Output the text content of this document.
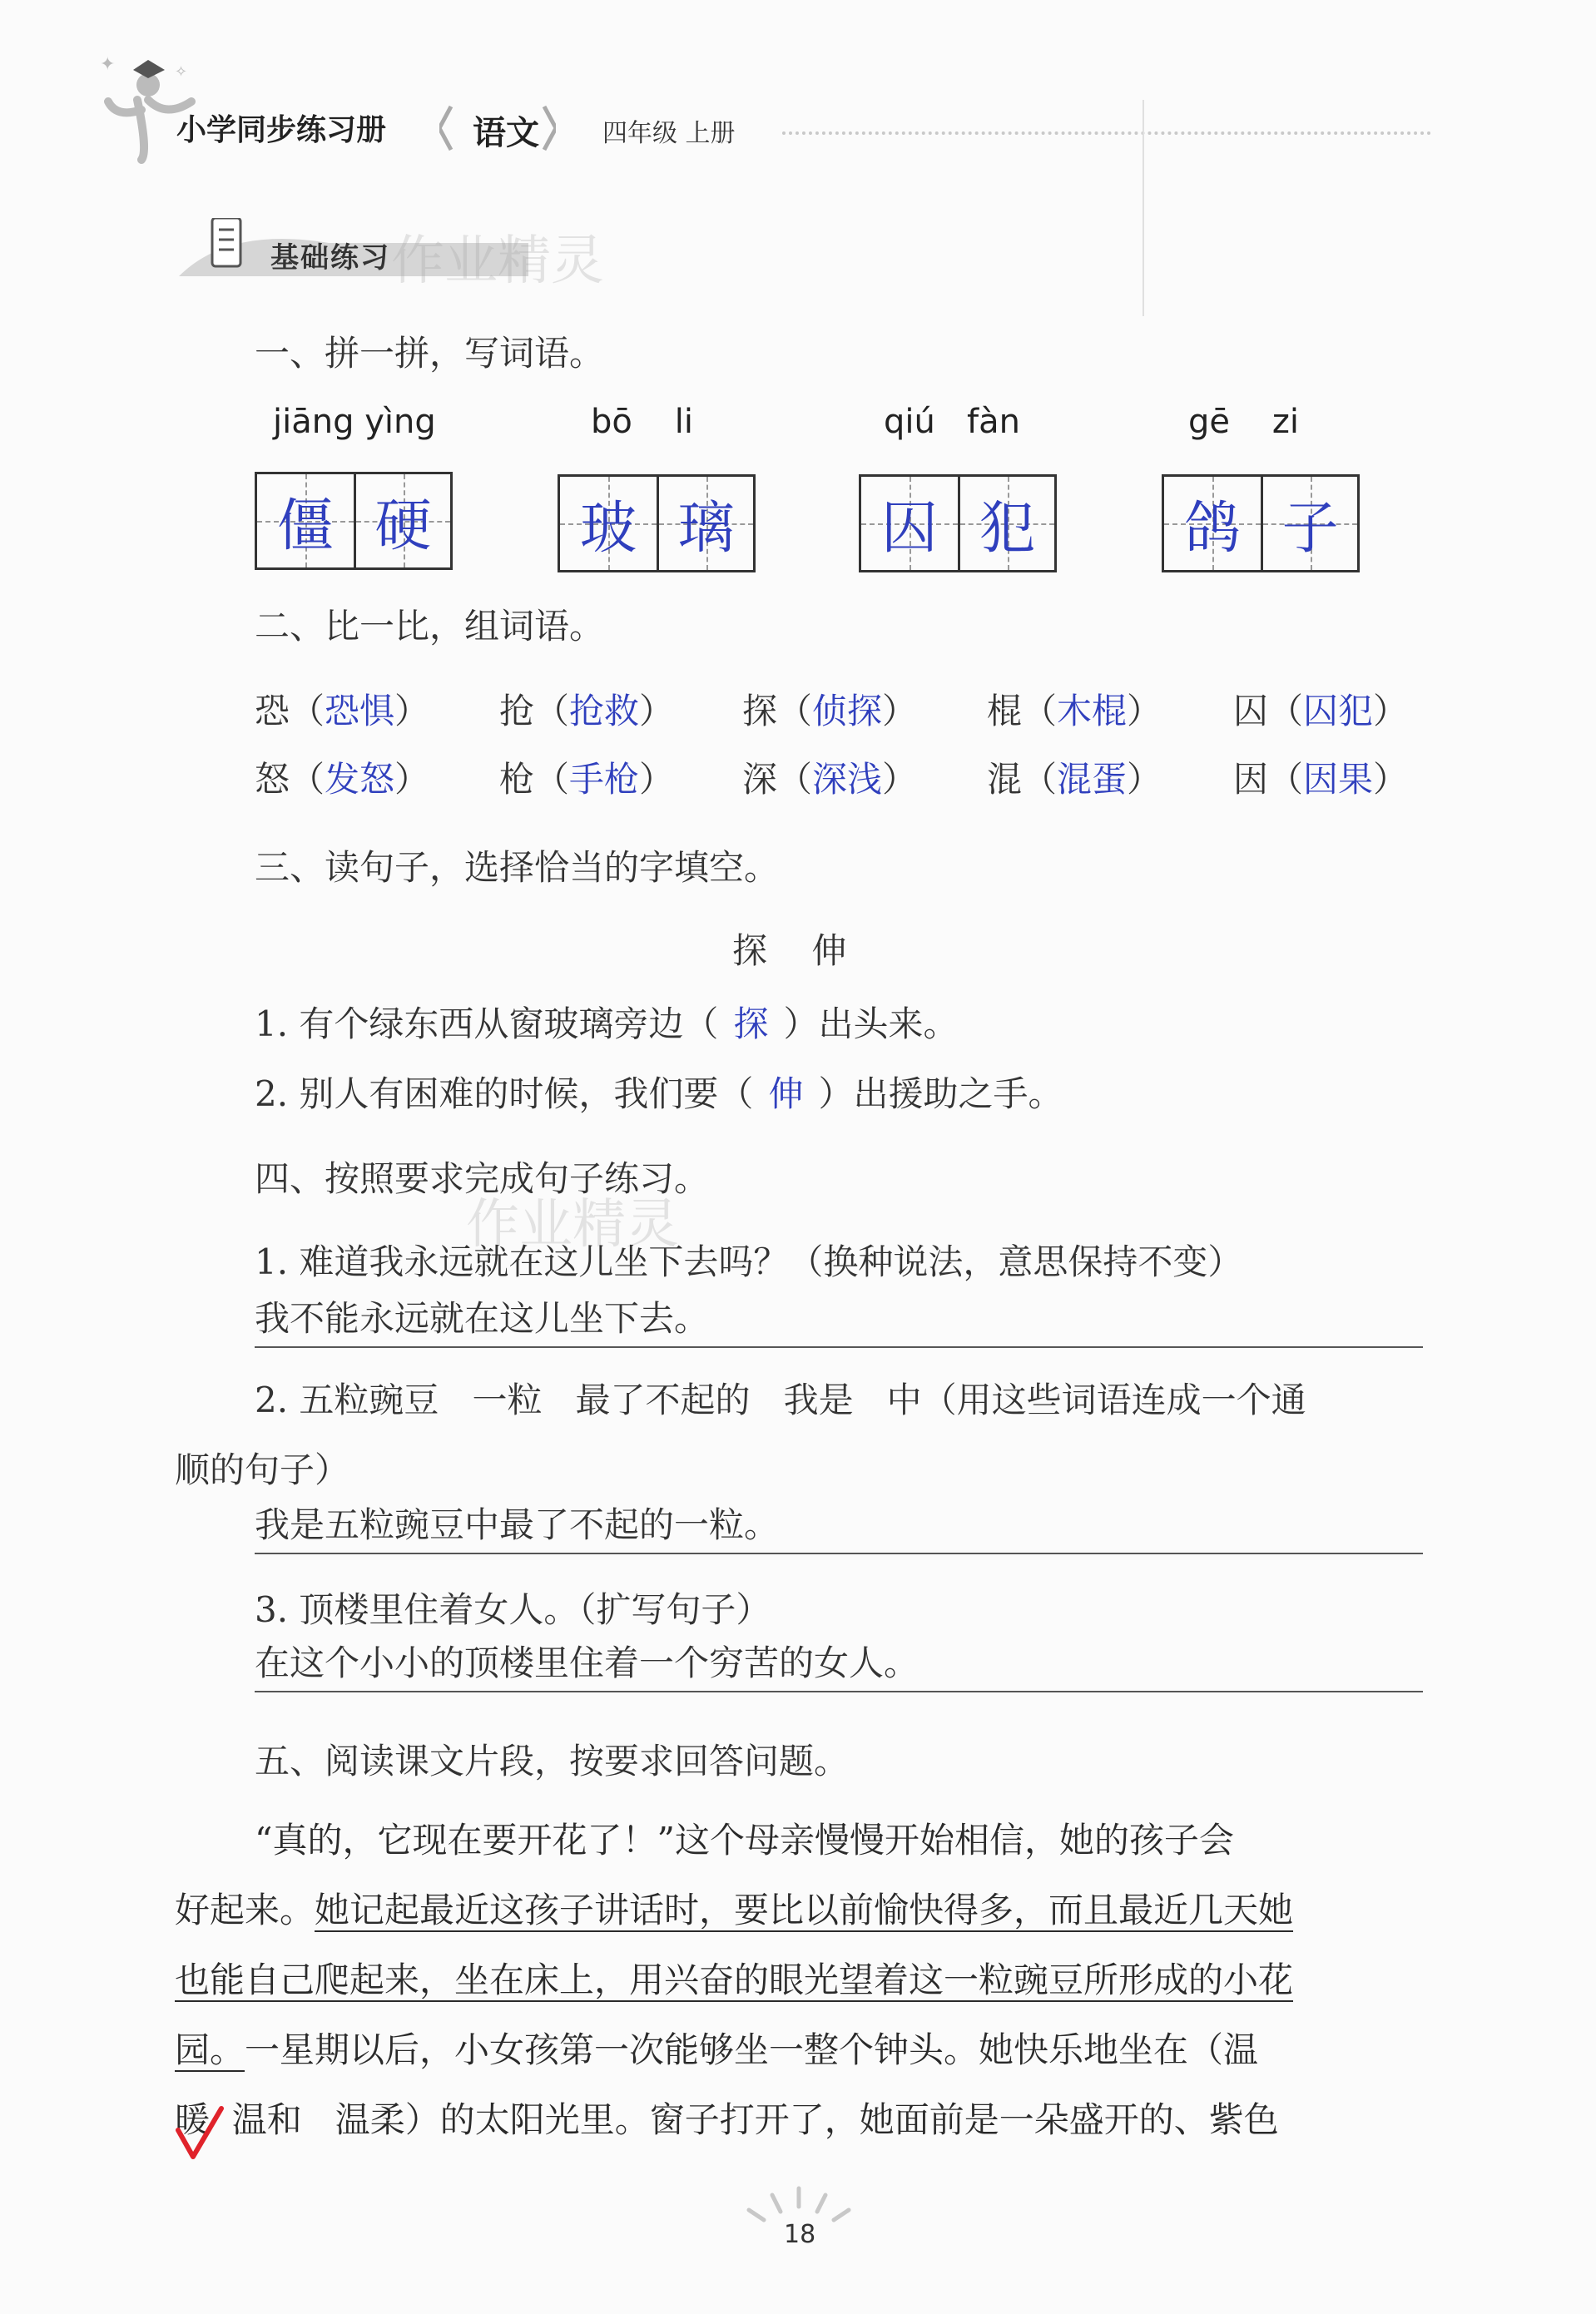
✦	✧
小学同步练习册	语文	四年级 上册
基础练习 作业精灵
一、拼一拼，写词语。
jiāng yìng	bō    li	qiú   fàn	gē    zi
僵 硬	玻 璃	囚 犯	鸽 子
二、比一比，组词语。
恐（恐惧） 抢（抢救） 探（侦探） 棍（木棍） 囚（囚犯）
怒（发怒） 枪（手枪） 深（深浅） 混（混蛋） 因（因果）
三、读句子，选择恰当的字填空。
探    伸
1. 有个绿东西从窗玻璃旁边（ 探 ）出头来。
2. 别人有困难的时候，我们要（ 伸 ）出援助之手。
四、按照要求完成句子练习。
作业精灵
1. 难道我永远就在这儿坐下去吗？（换种说法，意思保持不变）
我不能永远就在这儿坐下去。
2. 五粒豌豆   一粒   最了不起的   我是   中（用这些词语连成一个通
顺的句子）
我是五粒豌豆中最了不起的一粒。
3. 顶楼里住着女人。（扩写句子）
在这个小小的顶楼里住着一个穷苦的女人。
五、阅读课文片段，按要求回答问题。
“真的，它现在要开花了！”这个母亲慢慢开始相信，她的孩子会
好起来。她记起最近这孩子讲话时，要比以前愉快得多，而且最近几天她
也能自己爬起来，坐在床上，用兴奋的眼光望着这一粒豌豆所形成的小花
园。一星期以后，小女孩第一次能够坐一整个钟头。她快乐地坐在（温
暖  温和   温柔）的太阳光里。窗子打开了，她面前是一朵盛开的、紫色
18
